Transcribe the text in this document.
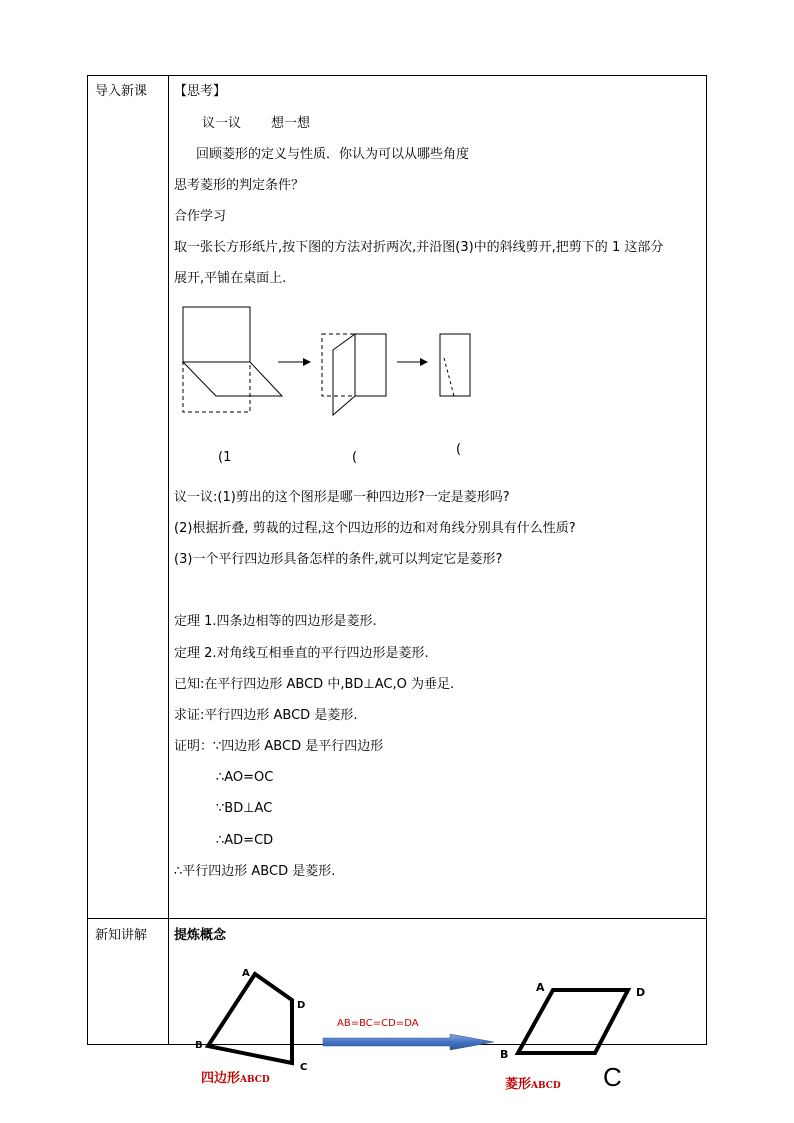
导入新课 【思考】
议一议 想一想
回顾菱形的定义与性质．你认为可以从哪些角度
思考菱形的判定条件？
合作学习
取一张长方形纸片,按下图的方法对折两次,并沿图(3)中的斜线剪开,把剪下的 1 这部分
展开,平铺在桌面上.
(1	(
(
议一议:(1)剪出的这个图形是哪一种四边形?一定是菱形吗?
(2)根据折叠, 剪裁的过程,这个四边形的边和对角线分别具有什么性质?
(3)一个平行四边形具备怎样的条件,就可以判定它是菱形?
定理 1.四条边相等的四边形是菱形.
定理 2.对角线互相垂直的平行四边形是菱形.
已知:在平行四边形 ABCD 中,BD⊥AC,O 为垂足.
求证:平行四边形 ABCD 是菱形.
证明：∵四边形 ABCD 是平行四边形
∴AO=OC
∵BD⊥AC
∴AD=CD
∴平行四边形 ABCD 是菱形.
新知讲解 提炼概念
A
D
B
C
AB=BC=CD=DA
A	D
B
四边形ABCD	菱形ABCD C
